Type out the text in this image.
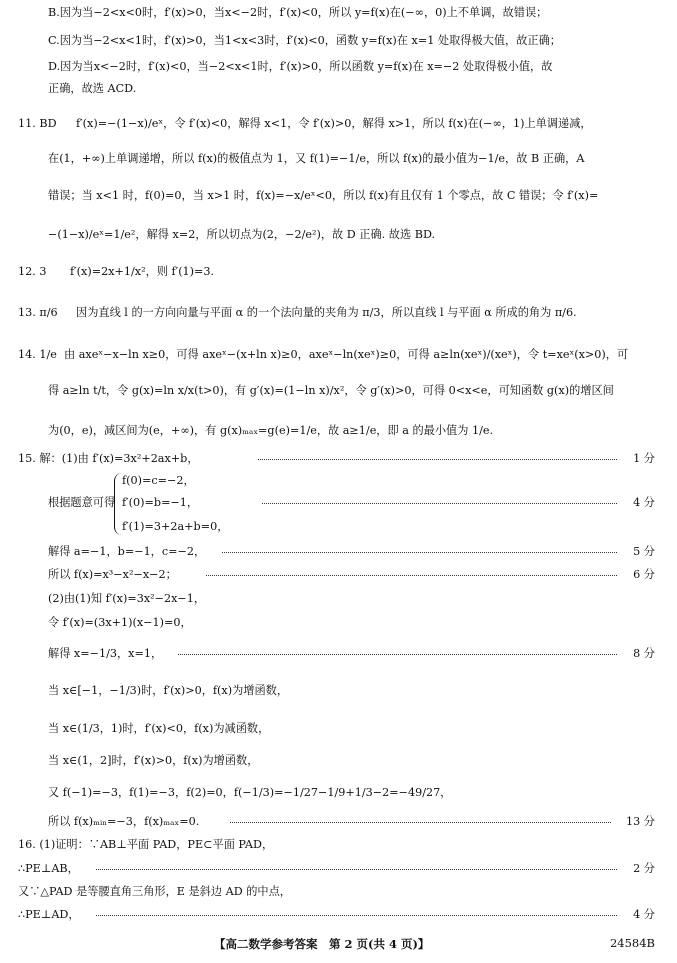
B.因为当−2<x<0时，f′(x)>0，当x<−2时，f′(x)<0，所以 y=f(x)在(−∞，0)上不单调，故错误；
C.因为当−2<x<1时，f′(x)>0，当1<x<3时，f′(x)<0，函数 y=f(x)在 x=1 处取得极大值，故正确；
D.因为当x<−2时，f′(x)<0，当−2<x<1时，f′(x)>0，所以函数 y=f(x)在 x=−2 处取得极小值，故
正确，故选 ACD.
11. BD f′(x)=−(1−x)/eˣ，令 f′(x)<0，解得 x<1，令 f′(x)>0，解得 x>1，所以 f(x)在(−∞，1)上单调递减，
在(1，+∞)上单调递增，所以 f(x)的极值点为 1，又 f(1)=−1/e，所以 f(x)的最小值为−1/e，故 B 正确，A
错误；当 x<1 时，f(0)=0，当 x>1 时，f(x)=−x/eˣ<0，所以 f(x)有且仅有 1 个零点，故 C 错误；令 f′(x)=
−(1−x)/eˣ=1/e²，解得 x=2，所以切点为(2，−2/e²)，故 D 正确. 故选 BD.
12. 3 f′(x)=2x+1/x²，则 f′(1)=3.
13. π/6 因为直线 l 的一方向向量与平面 α 的一个法向量的夹角为 π/3，所以直线 l 与平面 α 所成的角为 π/6.
14. 1/e 由 axeˣ−x−ln x≥0，可得 axeˣ−(x+ln x)≥0，axeˣ−ln(xeˣ)≥0，可得 a≥ln(xeˣ)/(xeˣ)，令 t=xeˣ(x>0)，可
得 a≥ln t/t，令 g(x)=ln x/x(t>0)，有 g′(x)=(1−ln x)/x²，令 g′(x)>0，可得 0<x<e，可知函数 g(x)的增区间
为(0，e)，减区间为(e，+∞)，有 g(x)ₘₐₓ=g(e)=1/e，故 a≥1/e，即 a 的最小值为 1/e.
15. 解：(1)由 f′(x)=3x²+2ax+b，	1 分
根据题意可得
f(0)=c=−2，
f′(0)=b=−1，
f′(1)=3+2a+b=0，
4 分
解得 a=−1，b=−1，c=−2，	5 分
所以 f(x)=x³−x²−x−2；	6 分
(2)由(1)知 f′(x)=3x²−2x−1，
令 f′(x)=(3x+1)(x−1)=0，
解得 x=−1/3，x=1，	8 分
当 x∈[−1，−1/3)时，f′(x)>0，f(x)为增函数，
当 x∈(1/3，1)时，f′(x)<0，f(x)为减函数，
当 x∈(1，2]时，f′(x)>0，f(x)为增函数，
又 f(−1)=−3，f(1)=−3，f(2)=0，f(−1/3)=−1/27−1/9+1/3−2=−49/27，
所以 f(x)ₘᵢₙ=−3，f(x)ₘₐₓ=0.	13 分
16. (1)证明：∵AB⊥平面 PAD，PE⊂平面 PAD，
∴PE⊥AB，	2 分
又∵△PAD 是等腰直角三角形，E 是斜边 AD 的中点，
∴PE⊥AD，	4 分
【高二数学参考答案　第 2 页(共 4 页)】	24584B
